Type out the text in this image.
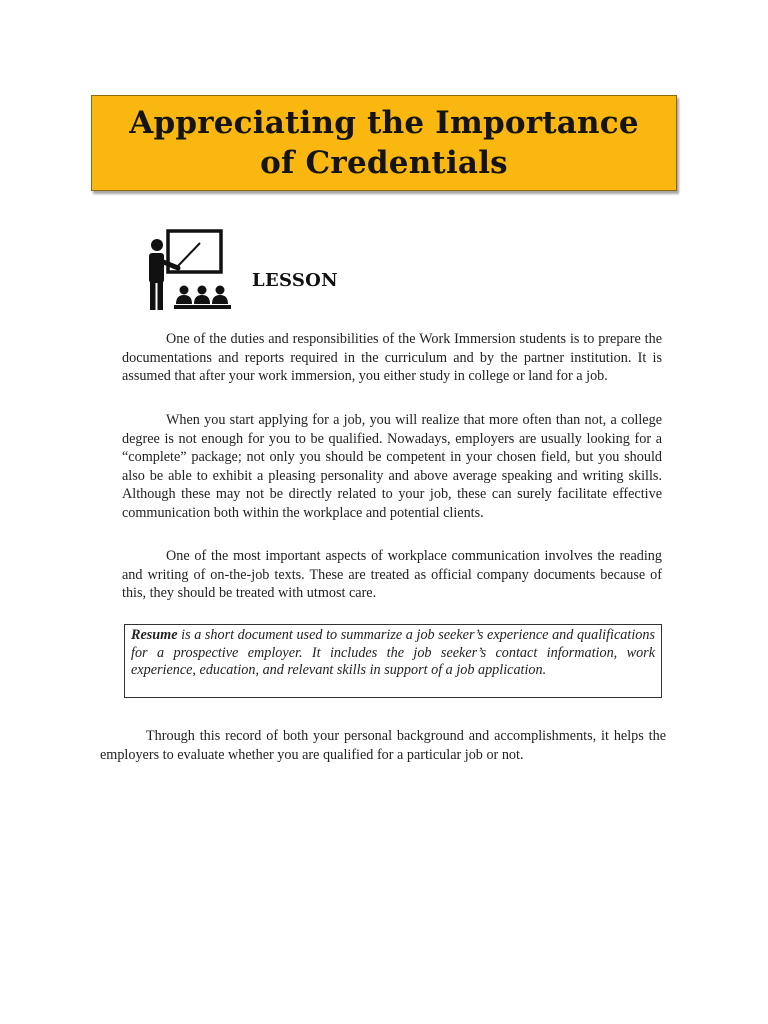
Appreciating the Importance
of Credentials
LESSON

One of the duties and responsibilities of the Work Immersion students is to prepare the documentations and reports required in the curriculum and by the partner institution. It is assumed that after your work immersion, you either study in college or land for a job.

When you start applying for a job, you will realize that more often than not, a college degree is not enough for you to be qualified. Nowadays, employers are usually looking for a “complete” package; not only you should be competent in your chosen field, but you should also be able to exhibit a pleasing personality and above average speaking and writing skills. Although these may not be directly related to your job, these can surely facilitate effective communication both within the workplace and potential clients.

One of the most important aspects of workplace communication involves the reading and writing of on-the-job texts. These are treated as official company documents because of this, they should be treated with utmost care.

Resume is a short document used to summarize a job seeker’s experience and qualifications for a prospective employer. It includes the job seeker’s contact information, work experience, education, and relevant skills in support of a job application.

Through this record of both your personal background and accomplishments, it helps the employers to evaluate whether you are qualified for a particular job or not.
